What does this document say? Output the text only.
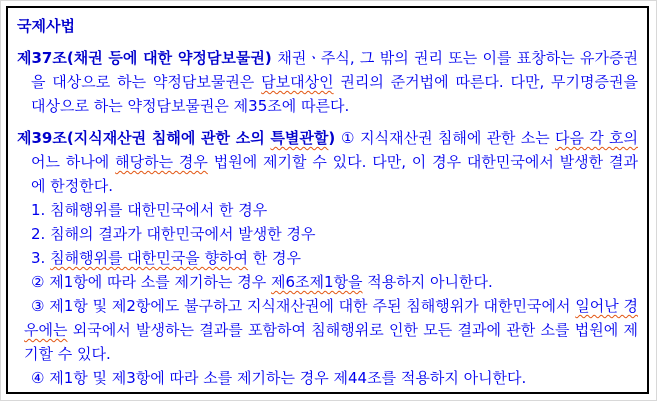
국제사법

제37조(채권 등에 대한 약정담보물권) 채권ㆍ주식, 그 밖의 권리 또는 이를 표창하는 유가증권을 대상으로 하는 약정담보물권은 담보대상인 권리의 준거법에 따른다. 다만, 무기명증권을 대상으로 하는 약정담보물권은 제35조에 따른다.

제39조(지식재산권 침해에 관한 소의 특별관할) ① 지식재산권 침해에 관한 소는 다음 각 호의 어느 하나에 해당하는 경우 법원에 제기할 수 있다. 다만, 이 경우 대한민국에서 발생한 결과에 한정한다.

1. 침해행위를 대한민국에서 한 경우

2. 침해의 결과가 대한민국에서 발생한 경우

3. 침해행위를 대한민국을 향하여 한 경우

② 제1항에 따라 소를 제기하는 경우 제6조제1항을 적용하지 아니한다.

③ 제1항 및 제2항에도 불구하고 지식재산권에 대한 주된 침해행위가 대한민국에서 일어난 경우에는 외국에서 발생하는 결과를 포함하여 침해행위로 인한 모든 결과에 관한 소를 법원에 제기할 수 있다.

④ 제1항 및 제3항에 따라 소를 제기하는 경우 제44조를 적용하지 아니한다.
